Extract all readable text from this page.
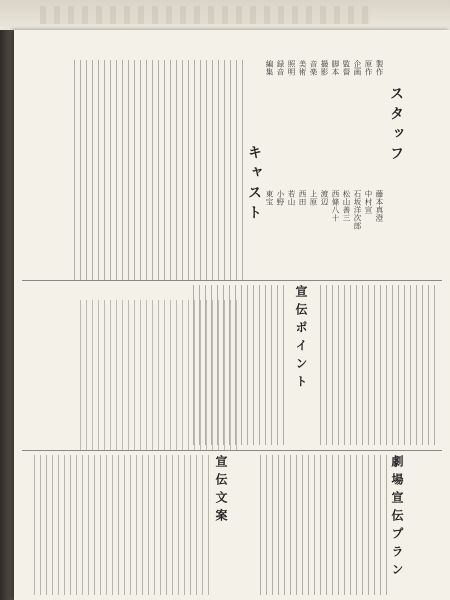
スタッフ
製作
原作
企画
監督
脚本
撮影
音楽
美術
照明
録音
編集
藤本真澄
中村宣
石坂洋次郎
松山善三
西條八十
渡辺
上原
西田
若山
小野
東宝
キャスト
宣伝ポイント
劇場宣伝プラン
宣伝文案
